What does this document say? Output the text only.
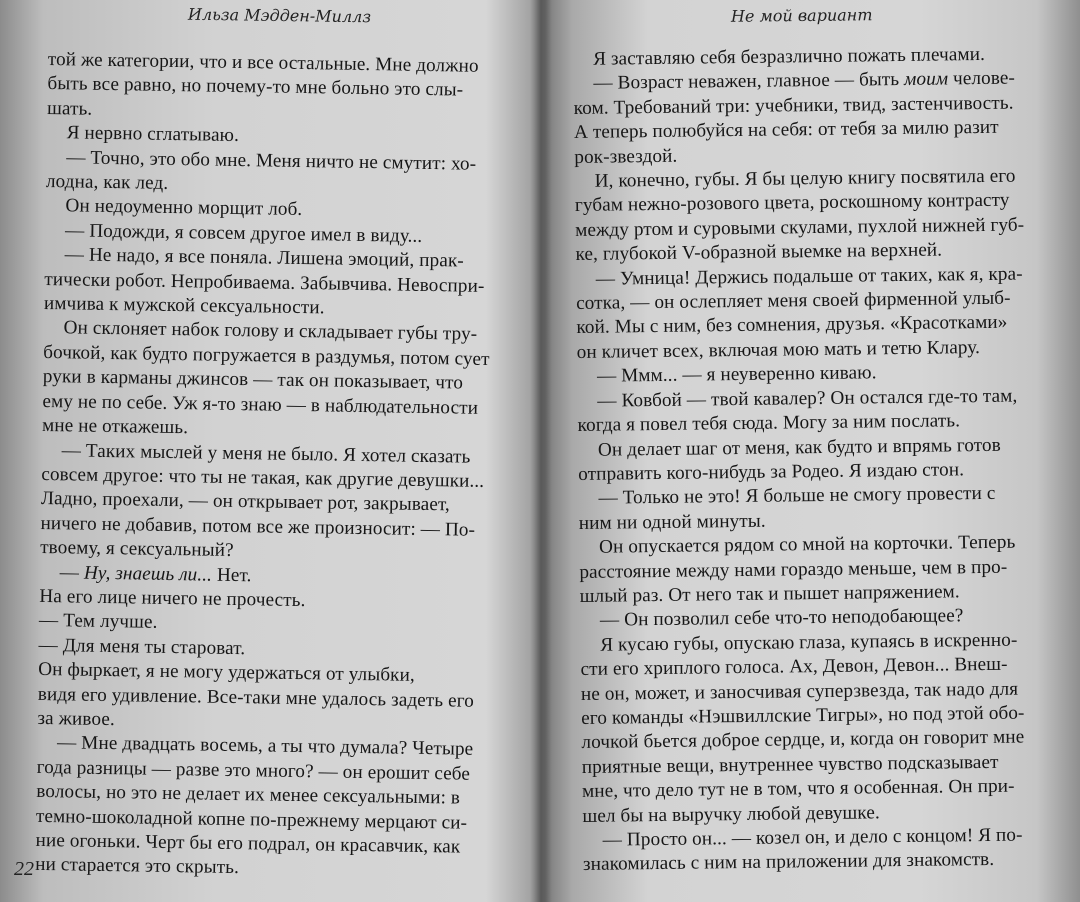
Ильза Мэдден-Миллз
той же категории, что и все остальные. Мне должно
быть все равно, но почему-то мне больно это слы-
шать.
Я нервно сглатываю.
— Точно, это обо мне. Меня ничто не смутит: хо-
лодна, как лед.
Он недоуменно морщит лоб.
— Подожди, я совсем другое имел в виду...
— Не надо, я все поняла. Лишена эмоций, прак-
тически робот. Непробиваема. Забывчива. Невоспри-
имчива к мужской сексуальности.
Он склоняет набок голову и складывает губы тру-
бочкой, как будто погружается в раздумья, потом сует
руки в карманы джинсов — так он показывает, что
ему не по себе. Уж я-то знаю — в наблюдательности
мне не откажешь.
— Таких мыслей у меня не было. Я хотел сказать
совсем другое: что ты не такая, как другие девушки...
Ладно, проехали, — он открывает рот, закрывает,
ничего не добавив, потом все же произносит: — По-
твоему, я сексуальный?
— Ну, знаешь ли... Нет.
На его лице ничего не прочесть.
— Тем лучше.
— Для меня ты староват.
Он фыркает, я не могу удержаться от улыбки,
видя его удивление. Все-таки мне удалось задеть его
за живое.
— Мне двадцать восемь, а ты что думала? Четыре
года разницы — разве это много? — он ерошит себе
волосы, но это не делает их менее сексуальными: в
темно-шоколадной копне по-прежнему мерцают си-
ние огоньки. Черт бы его подрал, он красавчик, как
ни старается это скрыть.
22
Не мой вариант
Я заставляю себя безразлично пожать плечами.
— Возраст неважен, главное — быть моим челове-
ком. Требований три: учебники, твид, застенчивость.
А теперь полюбуйся на себя: от тебя за милю разит
рок-звездой.
И, конечно, губы. Я бы целую книгу посвятила его
губам нежно-розового цвета, роскошному контрасту
между ртом и суровыми скулами, пухлой нижней губ-
ке, глубокой V-образной выемке на верхней.
— Умница! Держись подальше от таких, как я, кра-
сотка, — он ослепляет меня своей фирменной улыб-
кой. Мы с ним, без сомнения, друзья. «Красотками»
он кличет всех, включая мою мать и тетю Клару.
— Ммм... — я неуверенно киваю.
— Ковбой — твой кавалер? Он остался где-то там,
когда я повел тебя сюда. Могу за ним послать.
Он делает шаг от меня, как будто и впрямь готов
отправить кого-нибудь за Родео. Я издаю стон.
— Только не это! Я больше не смогу провести с
ним ни одной минуты.
Он опускается рядом со мной на корточки. Теперь
расстояние между нами гораздо меньше, чем в про-
шлый раз. От него так и пышет напряжением.
— Он позволил себе что-то неподобающее?
Я кусаю губы, опускаю глаза, купаясь в искренно-
сти его хриплого голоса. Ах, Девон, Девон... Внеш-
не он, может, и заносчивая суперзвезда, так надо для
его команды «Нэшвиллские Тигры», но под этой обо-
лочкой бьется доброе сердце, и, когда он говорит мне
приятные вещи, внутреннее чувство подсказывает
мне, что дело тут не в том, что я особенная. Он при-
шел бы на выручку любой девушке.
— Просто он... — козел он, и дело с концом! Я по-
знакомилась с ним на приложении для знакомств.
